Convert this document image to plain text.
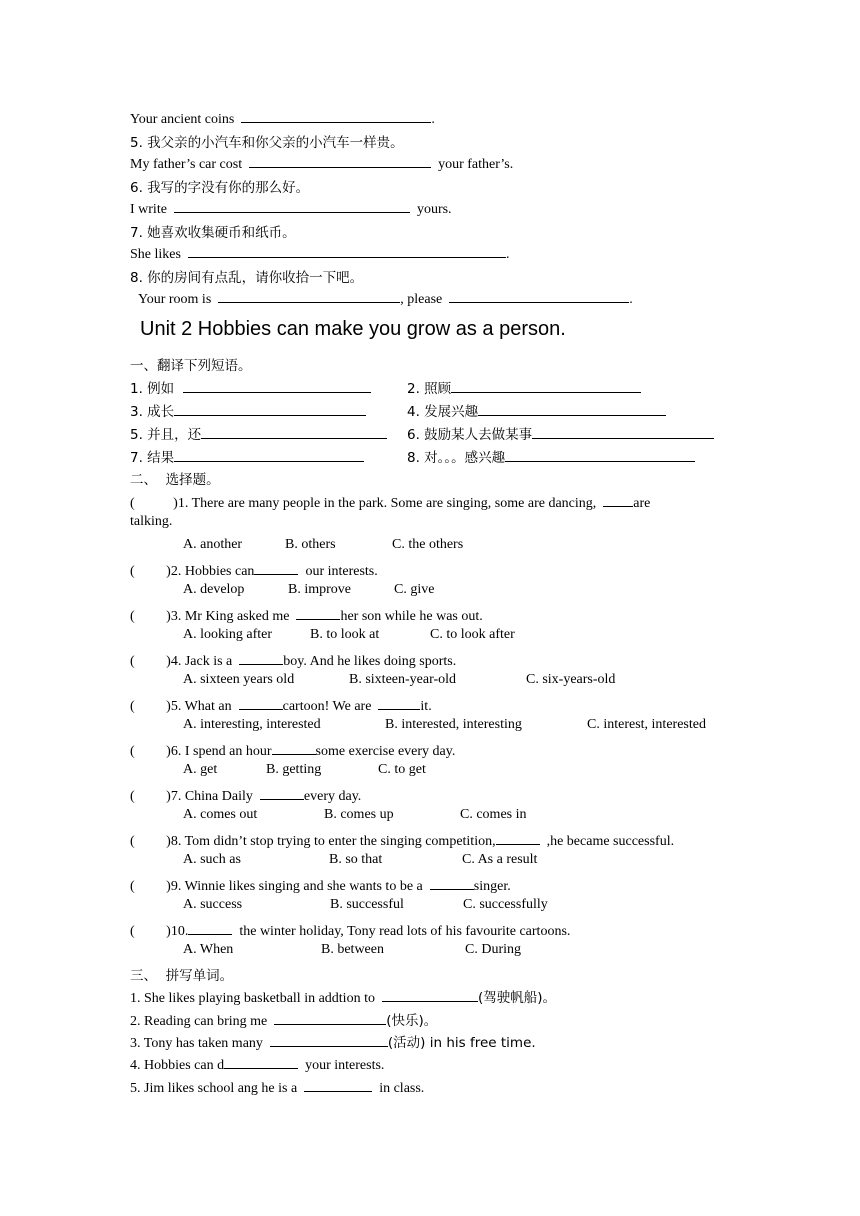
Your ancient coins	.
5. 我父亲的小汽车和你父亲的小汽车一样贵。
My father’s car cost	your father’s.
6. 我写的字没有你的那么好。
I write	yours.
7. 她喜欢收集硬币和纸币。
She likes	.
8. 你的房间有点乱，请你收拾一下吧。
Your room is	, please	.
Unit 2 Hobbies can make you grow as a person.
一、翻译下列短语。
1. 例如	2. 照顾
3. 成长	4. 发展兴趣
5. 并且，还	6. 鼓励某人去做某事
7. 结果	8. 对。。。感兴趣
二、  选择题。
(	)1. There are many people in the park. Some are singing, some are dancing,	are
talking.
A. another	B. others	C. the others
( )2. Hobbies can	our interests.
A. develop	B. improve	C. give
( )3. Mr King asked me	her son while he was out.
A. looking after	B. to look at	C. to look after
( )4. Jack is a	boy. And he likes doing sports.
A. sixteen years old	B. sixteen-year-old	C. six-years-old
( )5. What an	cartoon! We are	it.
A. interesting, interested	B. interested, interesting	C. interest, interested
( )6. I spend an hour	some exercise every day.
A. get	B. getting	C. to get
( )7. China Daily	every day.
A. comes out	B. comes up	C. comes in
( )8. Tom didn’t stop trying to enter the singing competition,	,he became successful.
A. such as	B. so that	C. As a result
( )9. Winnie likes singing and she wants to be a	singer.
A. success	B. successful	C. successfully
( )10.	the winter holiday, Tony read lots of his favourite cartoons.
A. When	B. between	C. During
三、  拼写单词。
1. She likes playing basketball in addtion to	(驾驶帆船)。
2. Reading can bring me	(快乐)。
3. Tony has taken many	(活动) in his free time.
4. Hobbies can d	your interests.
5. Jim likes school ang he is a	in class.
